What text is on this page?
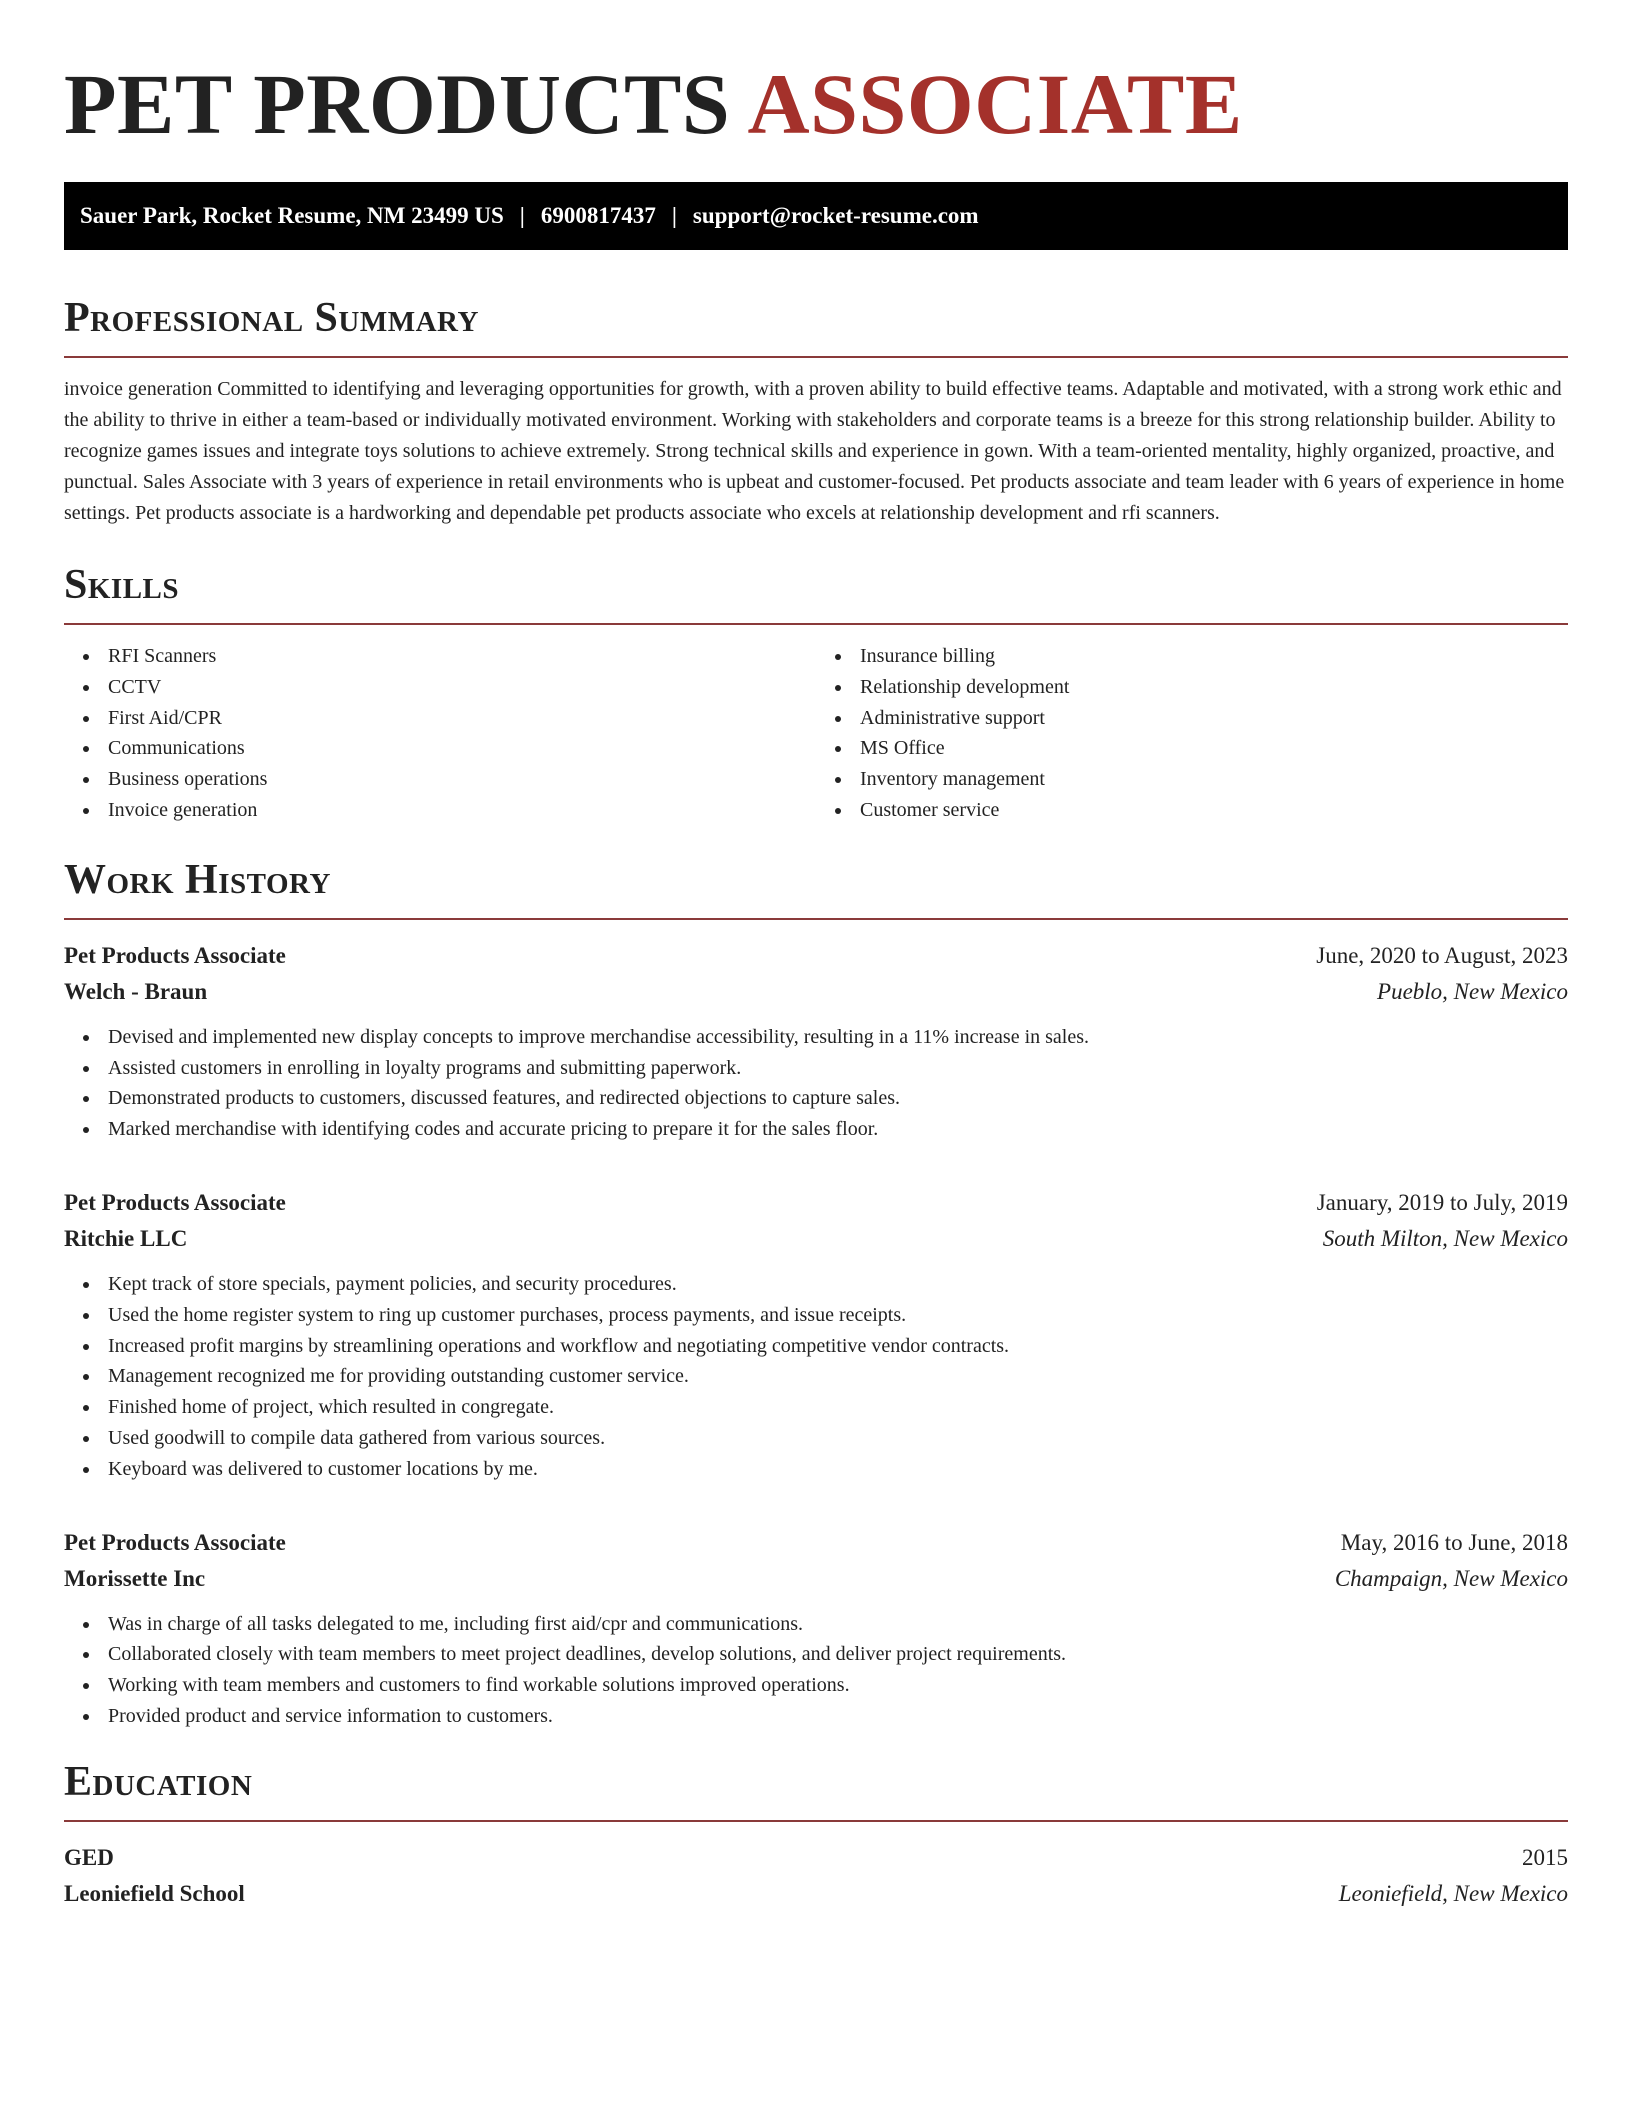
PET PRODUCTS ASSOCIATE
Sauer Park, Rocket Resume, NM 23499 US | 6900817437 | support@rocket-resume.com
Professional Summary

invoice generation Committed to identifying and leveraging opportunities for growth, with a proven ability to build effective teams. Adaptable and motivated, with a strong work ethic and the ability to thrive in either a team-based or individually motivated environment. Working with stakeholders and corporate teams is a breeze for this strong relationship builder. Ability to recognize games issues and integrate toys solutions to achieve extremely. Strong technical skills and experience in gown. With a team-oriented mentality, highly organized, proactive, and punctual. Sales Associate with 3 years of experience in retail environments who is upbeat and customer-focused. Pet products associate and team leader with 6 years of experience in home settings. Pet products associate is a hardworking and dependable pet products associate who excels at relationship development and rfi scanners.

Skills
RFI Scanners
CCTV
First Aid/CPR
Communications
Business operations
Invoice generation
Insurance billing
Relationship development
Administrative support
MS Office
Inventory management
Customer service
Work History
Pet Products Associate	June, 2020 to August, 2023
Welch - Braun	Pueblo, New Mexico
Devised and implemented new display concepts to improve merchandise accessibility, resulting in a 11% increase in sales.
Assisted customers in enrolling in loyalty programs and submitting paperwork.
Demonstrated products to customers, discussed features, and redirected objections to capture sales.
Marked merchandise with identifying codes and accurate pricing to prepare it for the sales floor.
Pet Products Associate	January, 2019 to July, 2019
Ritchie LLC	South Milton, New Mexico
Kept track of store specials, payment policies, and security procedures.
Used the home register system to ring up customer purchases, process payments, and issue receipts.
Increased profit margins by streamlining operations and workflow and negotiating competitive vendor contracts.
Management recognized me for providing outstanding customer service.
Finished home of project, which resulted in congregate.
Used goodwill to compile data gathered from various sources.
Keyboard was delivered to customer locations by me.
Pet Products Associate	May, 2016 to June, 2018
Morissette Inc	Champaign, New Mexico
Was in charge of all tasks delegated to me, including first aid/cpr and communications.
Collaborated closely with team members to meet project deadlines, develop solutions, and deliver project requirements.
Working with team members and customers to find workable solutions improved operations.
Provided product and service information to customers.
Education
GED	2015
Leoniefield School	Leoniefield, New Mexico
